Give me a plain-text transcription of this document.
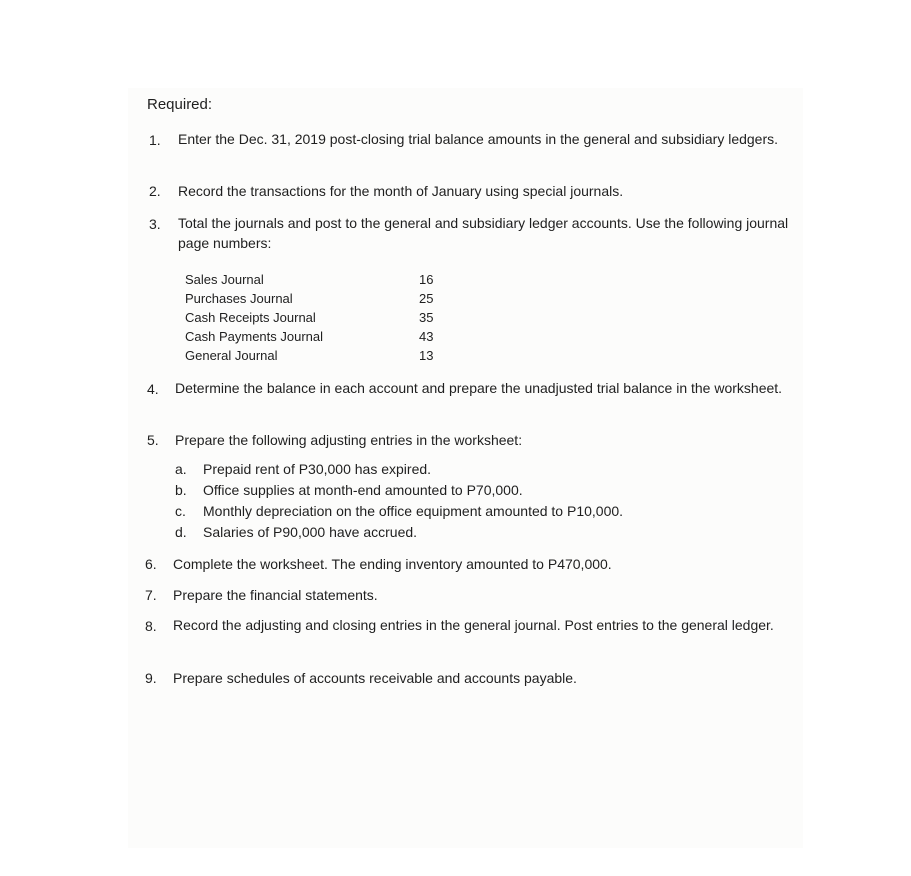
Required:
1. Enter the Dec. 31, 2019 post-closing trial balance amounts in the general and subsidiary ledgers.
2. Record the transactions for the month of January using special journals.
3. Total the journals and post to the general and subsidiary ledger accounts. Use the following journal page numbers:
Sales Journal	16
Purchases Journal	25
Cash Receipts Journal	35
Cash Payments Journal	43
General Journal	13
4. Determine the balance in each account and prepare the unadjusted trial balance in the worksheet.
5. Prepare the following adjusting entries in the worksheet:
a. Prepaid rent of P30,000 has expired.
b. Office supplies at month-end amounted to P70,000.
c. Monthly depreciation on the office equipment amounted to P10,000.
d. Salaries of P90,000 have accrued.
6. Complete the worksheet. The ending inventory amounted to P470,000.
7. Prepare the financial statements.
8. Record the adjusting and closing entries in the general journal. Post entries to the general ledger.
9. Prepare schedules of accounts receivable and accounts payable.
